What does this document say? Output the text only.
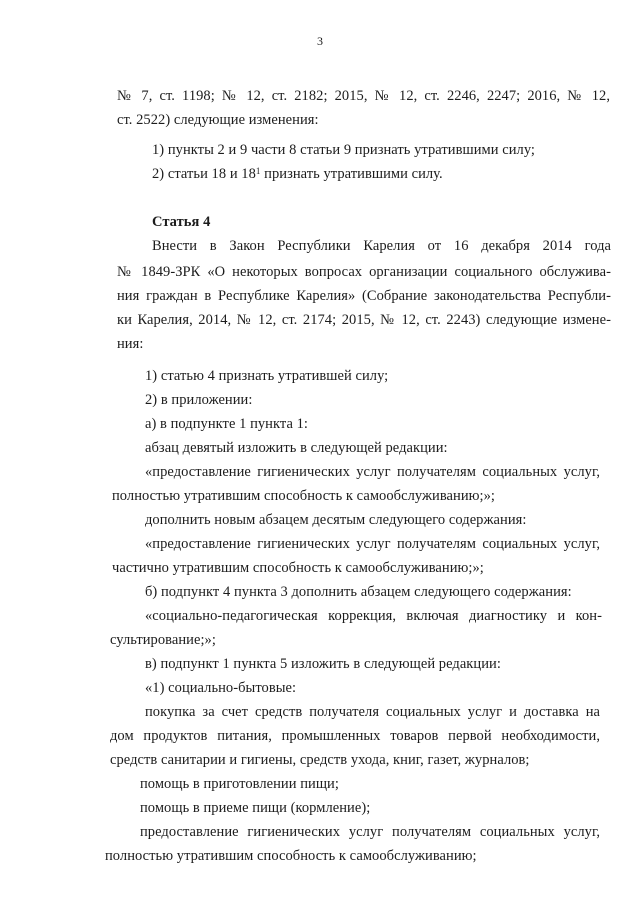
3
№ 7, ст. 1198; № 12, ст. 2182; 2015, № 12, ст. 2246, 2247; 2016, № 12,
ст. 2522) следующие изменения:
1) пункты 2 и 9 части 8 статьи 9 признать утратившими силу;
2) статьи 18 и $18^1$ признать утратившими силу.
Статья 4
Внести в Закон Республики Карелия от 16 декабря 2014 года
№ 1849-ЗРК «О некоторых вопросах организации социального обслужива-
ния граждан в Республике Карелия» (Собрание законодательства Республи-
ки Карелия, 2014, № 12, ст. 2174; 2015, № 12, ст. 2243) следующие измене-
ния:
1) статью 4 признать утратившей силу;
2) в приложении:
а) в подпункте 1 пункта 1:
абзац девятый изложить в следующей редакции:
«предоставление гигиенических услуг получателям социальных услуг,
полностью утратившим способность к самообслуживанию;»;
дополнить новым абзацем десятым следующего содержания:
«предоставление гигиенических услуг получателям социальных услуг,
частично утратившим способность к самообслуживанию;»;
б) подпункт 4 пункта 3 дополнить абзацем следующего содержания:
«социально-педагогическая коррекция, включая диагностику и кон-
сультирование;»;
в) подпункт 1 пункта 5 изложить в следующей редакции:
«1) социально-бытовые:
покупка за счет средств получателя социальных услуг и доставка на
дом продуктов питания, промышленных товаров первой необходимости,
средств санитарии и гигиены, средств ухода, книг, газет, журналов;
помощь в приготовлении пищи;
помощь в приеме пищи (кормление);
предоставление гигиенических услуг получателям социальных услуг,
полностью утратившим способность к самообслуживанию;
